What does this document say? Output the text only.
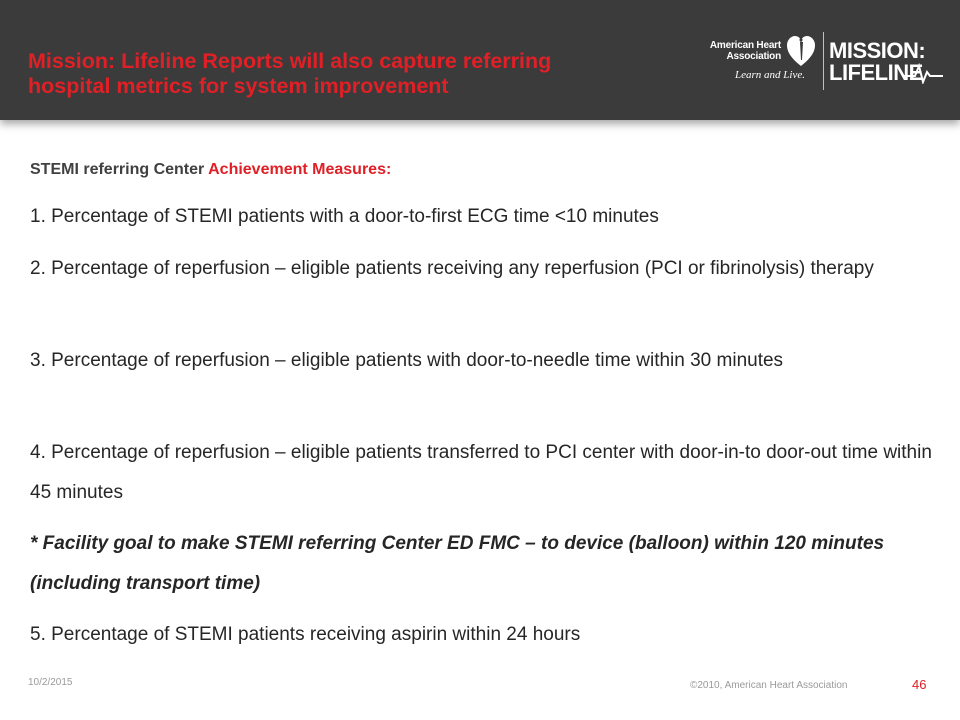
Mission: Lifeline Reports will also capture referring
hospital metrics for system improvement
American Heart
Association
Learn and Live.
MISSION:
LIFELINE
STEMI referring Center Achievement Measures:
1. Percentage of STEMI patients with a door-to-first ECG time <10 minutes
2. Percentage of reperfusion – eligible patients receiving any reperfusion (PCI or fibrinolysis) therapy
3. Percentage of reperfusion – eligible patients with door-to-needle time within 30 minutes
4. Percentage of reperfusion – eligible patients transferred to PCI center with door-in-to door-out time within 45 minutes
* Facility goal to make STEMI referring Center ED FMC – to device (balloon) within 120 minutes (including transport time)
5. Percentage of STEMI patients receiving aspirin within 24 hours
10/2/2015	©2010, American Heart Association	46
